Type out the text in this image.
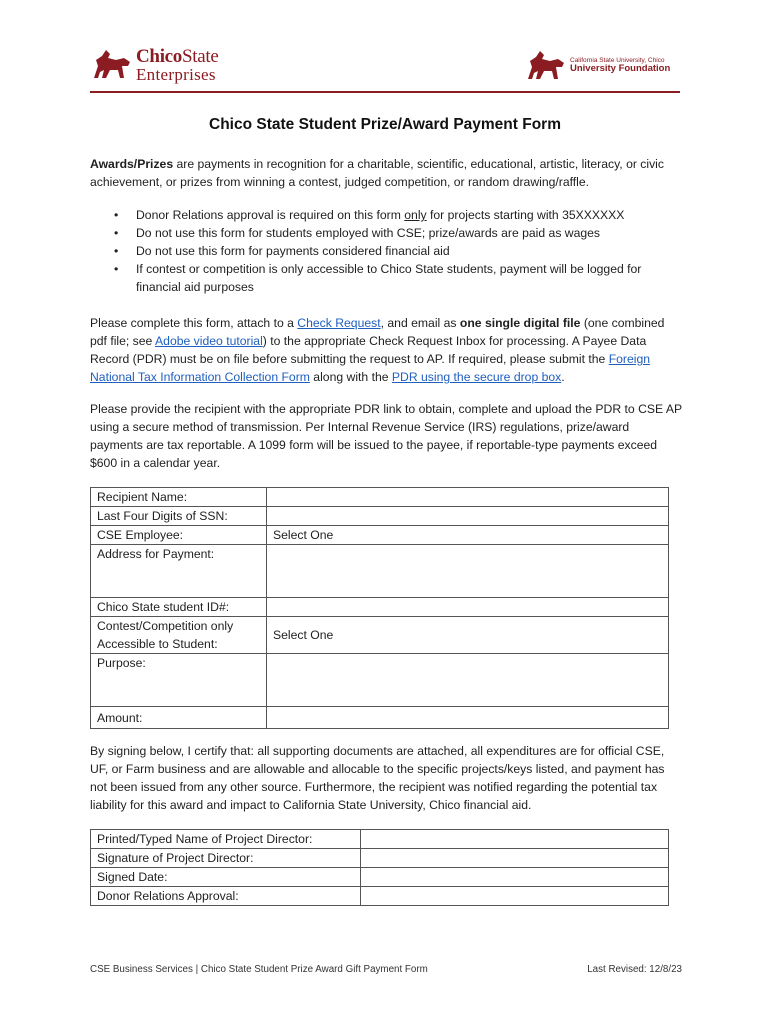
ChicoState
Enterprises
California State University, Chico
University Foundation
Chico State Student Prize/Award Payment Form
Awards/Prizes are payments in recognition for a charitable, scientific, educational, artistic, literacy, or civic achievement, or prizes from winning a contest, judged competition, or random drawing/raffle.
• Donor Relations approval is required on this form only for projects starting with 35XXXXXX
• Do not use this form for students employed with CSE; prize/awards are paid as wages
• Do not use this form for payments considered financial aid
• If contest or competition is only accessible to Chico State students, payment will be logged for financial aid purposes
Please complete this form, attach to a Check Request, and email as one single digital file (one combined pdf file; see Adobe video tutorial) to the appropriate Check Request Inbox for processing. A Payee Data Record (PDR) must be on file before submitting the request to AP. If required, please submit the Foreign National Tax Information Collection Form along with the PDR using the secure drop box.
Please provide the recipient with the appropriate PDR link to obtain, complete and upload the PDR to CSE AP using a secure method of transmission. Per Internal Revenue Service (IRS) regulations, prize/award payments are tax reportable. A 1099 form will be issued to the payee, if reportable-type payments exceed $600 in a calendar year.
Recipient Name:	
Last Four Digits of SSN:	
CSE Employee:	Select One
Address for Payment:	
Chico State student ID#:	
Contest/Competition only Accessible to Student:	Select One
Purpose:	
Amount:	
By signing below, I certify that: all supporting documents are attached, all expenditures are for official CSE, UF, or Farm business and are allowable and allocable to the specific projects/keys listed, and payment has not been issued from any other source. Furthermore, the recipient was notified regarding the potential tax liability for this award and impact to California State University, Chico financial aid.
Printed/Typed Name of Project Director:	
Signature of Project Director:	
Signed Date:	
Donor Relations Approval:	
CSE Business Services | Chico State Student Prize Award Gift Payment Form	Last Revised: 12/8/23
